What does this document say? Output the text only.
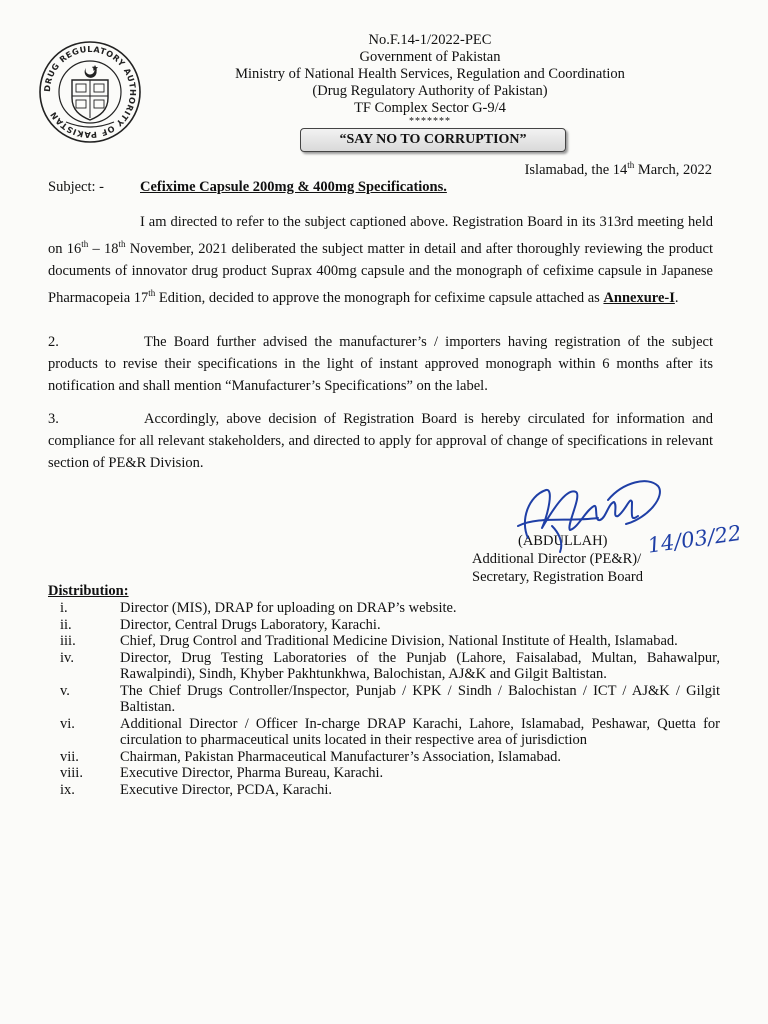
DRUG REGULATORY AUTHORITY OF PAKISTAN
No.F.14-1/2022-PEC
Government of Pakistan
Ministry of National Health Services, Regulation and Coordination
(Drug Regulatory Authority of Pakistan)
TF Complex Sector G-9/4
*******
“SAY NO TO CORRUPTION”
Islamabad, the 14th March, 2022
Subject: - Cefixime Capsule 200mg & 400mg Specifications.
I am directed to refer to the subject captioned above. Registration Board in its 313rd meeting held on 16th – 18th November, 2021 deliberated the subject matter in detail and after thoroughly reviewing the product documents of innovator drug product Suprax 400mg capsule and the monograph of cefixime capsule in Japanese Pharmacopeia 17th Edition, decided to approve the monograph for cefixime capsule attached as Annexure-I.
2.	The Board further advised the manufacturer’s / importers having registration of the subject products to revise their specifications in the light of instant approved monograph within 6 months after its notification and shall mention “Manufacturer’s Specifications” on the label.
3.	Accordingly, above decision of Registration Board is hereby circulated for information and compliance for all relevant stakeholders, and directed to apply for approval of change of specifications in relevant section of PE&R Division.
(ABDULLAH)
Additional Director (PE&R)/
Secretary, Registration Board
14/03/22
Distribution:
i.	Director (MIS), DRAP for uploading on DRAP’s website.
ii.	Director, Central Drugs Laboratory, Karachi.
iii.	Chief, Drug Control and Traditional Medicine Division, National Institute of Health, Islamabad.
iv.	Director, Drug Testing Laboratories of the Punjab (Lahore, Faisalabad, Multan, Bahawalpur, Rawalpindi), Sindh, Khyber Pakhtunkhwa, Balochistan, AJ&K and Gilgit Baltistan.
v.	The Chief Drugs Controller/Inspector, Punjab / KPK / Sindh / Balochistan / ICT / AJ&K / Gilgit Baltistan.
vi.	Additional Director / Officer In-charge DRAP Karachi, Lahore, Islamabad, Peshawar, Quetta for circulation to pharmaceutical units located in their respective area of jurisdiction
vii.	Chairman, Pakistan Pharmaceutical Manufacturer’s Association, Islamabad.
viii.	Executive Director, Pharma Bureau, Karachi.
ix.	Executive Director, PCDA, Karachi.
